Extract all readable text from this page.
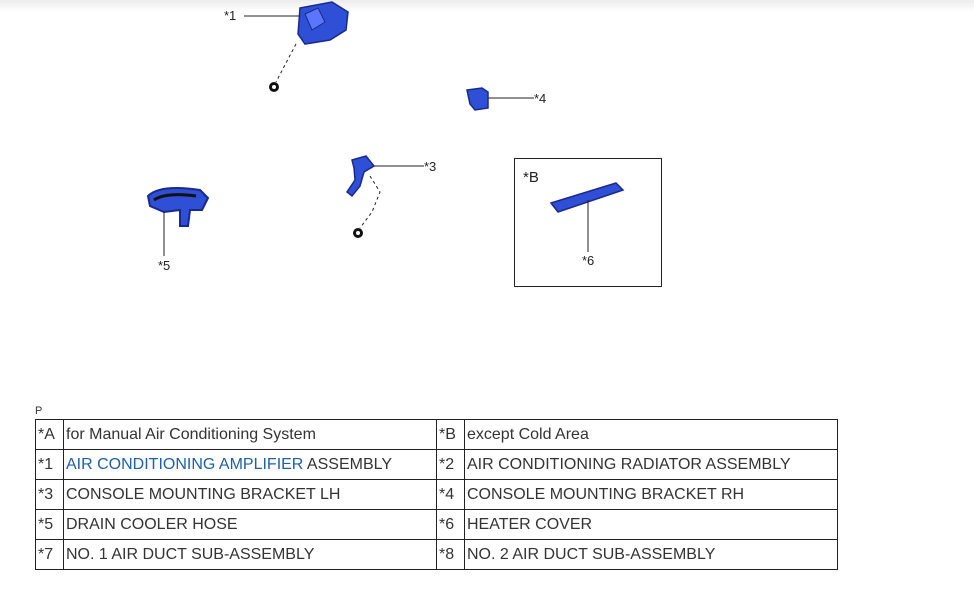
*1
*4
*3
*5
*B
*6
P
*A	for Manual Air Conditioning System	*B	except Cold Area
*1	AIR CONDITIONING AMPLIFIER ASSEMBLY	*2	AIR CONDITIONING RADIATOR ASSEMBLY
*3	CONSOLE MOUNTING BRACKET LH	*4	CONSOLE MOUNTING BRACKET RH
*5	DRAIN COOLER HOSE	*6	HEATER COVER
*7	NO. 1 AIR DUCT SUB-ASSEMBLY	*8	NO. 2 AIR DUCT SUB-ASSEMBLY
